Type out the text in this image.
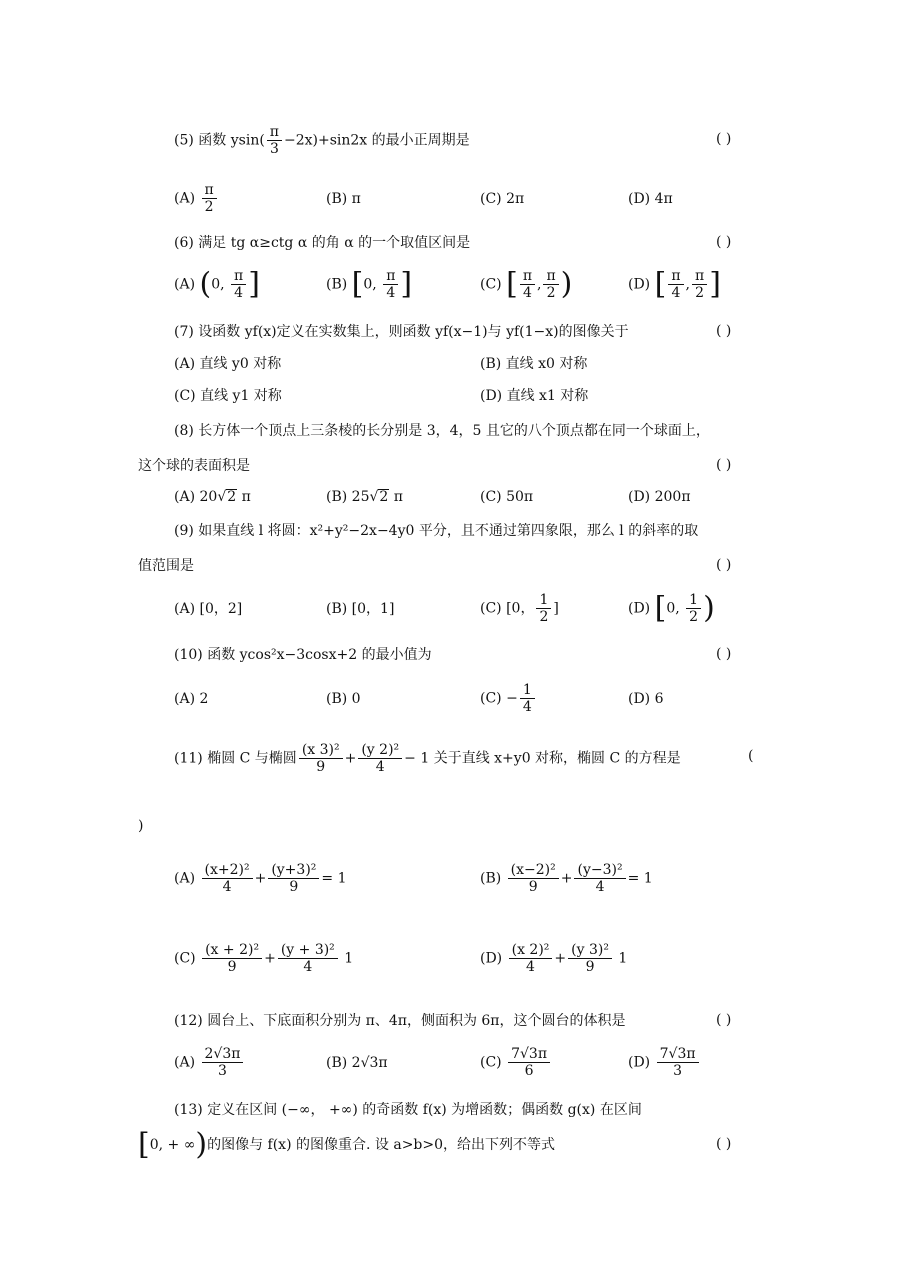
(5) 函数 $ysin( \frac{\pi}{3} -2x)+\sin 2x$ 的最小正周期是	( )
$(A) \frac{\pi}{2}$	(B) π	(C) 2π	(D) 4π
(6) 满足 tg α≥ctg α 的角 α 的一个取值区间是	( )
(A) (0, $\frac{\pi}{4}$ ]	(B) [0, $\frac{\pi}{4}$ ]	(C) [ $\frac{\pi}{4}$ , $\frac{\pi}{2}$ )	(D) [ $\frac{\pi}{4}$ , $\frac{\pi}{2}$ ]
(7) 设函数 yf(x)定义在实数集上，则函数 yf(x−1)与 yf(1−x)的图像关于	( )
(A) 直线 y0 对称	(B) 直线 x0 对称
(C) 直线 y1 对称	(D) 直线 x1 对称
(8) 长方体一个顶点上三条棱的长分别是 3，4，5 且它的八个顶点都在同一个球面上，
这个球的表面积是	( )
(A) 20√2 π	(B) 25√2 π	(C) 50π	(D) 200π
(9) 如果直线 l 将圆：x²+y²−2x−4y0 平分，且不通过第四象限，那么 l 的斜率的取
值范围是	( )
(A) [0，2]	(B) [0，1]	(C) [0， $\frac{1}{2}$ ]	(D) [0, $\frac{1}{2}$ )
(10) 函数 ycos²x−3cosx+2 的最小值为	( )
(A) 2	(B) 0	$(C) - \frac{1}{4}$	(D) 6
(11) 椭圆 C 与椭圆 $\frac{\text{(x 3)²}}{9} + \frac{\text{(y 2)²}}{4} - 1$ 关于直线 x+y0 对称，椭圆 C 的方程是	(
)
$(A) \frac{\text{(x+2)²}}{4} + \frac{\text{(y+3)²}}{9} = 1$	$(B) \frac{\text{(x−2)²}}{9} + \frac{\text{(y−3)²}}{4} = 1$
$(C) \frac{\text{(x + 2)²}}{9} + \frac{\text{(y + 3)²}}{4} 1$	$(D) \frac{\text{(x 2)²}}{4} + \frac{\text{(y 3)²}}{9} 1$
(12) 圆台上、下底面积分别为 π、4π，侧面积为 6π，这个圆台的体积是	( )
$(A) \frac{2√3\pi}{3}$	(B) 2√3π	$(C) \frac{7√3\pi}{6}$	$(D) \frac{7√3\pi}{3}$
(13) 定义在区间 (−∞， +∞) 的奇函数 f(x) 为增函数；偶函数 g(x) 在区间
[0, + ∞)的图像与 f(x) 的图像重合. 设 a>b>0，给出下列不等式	( )
